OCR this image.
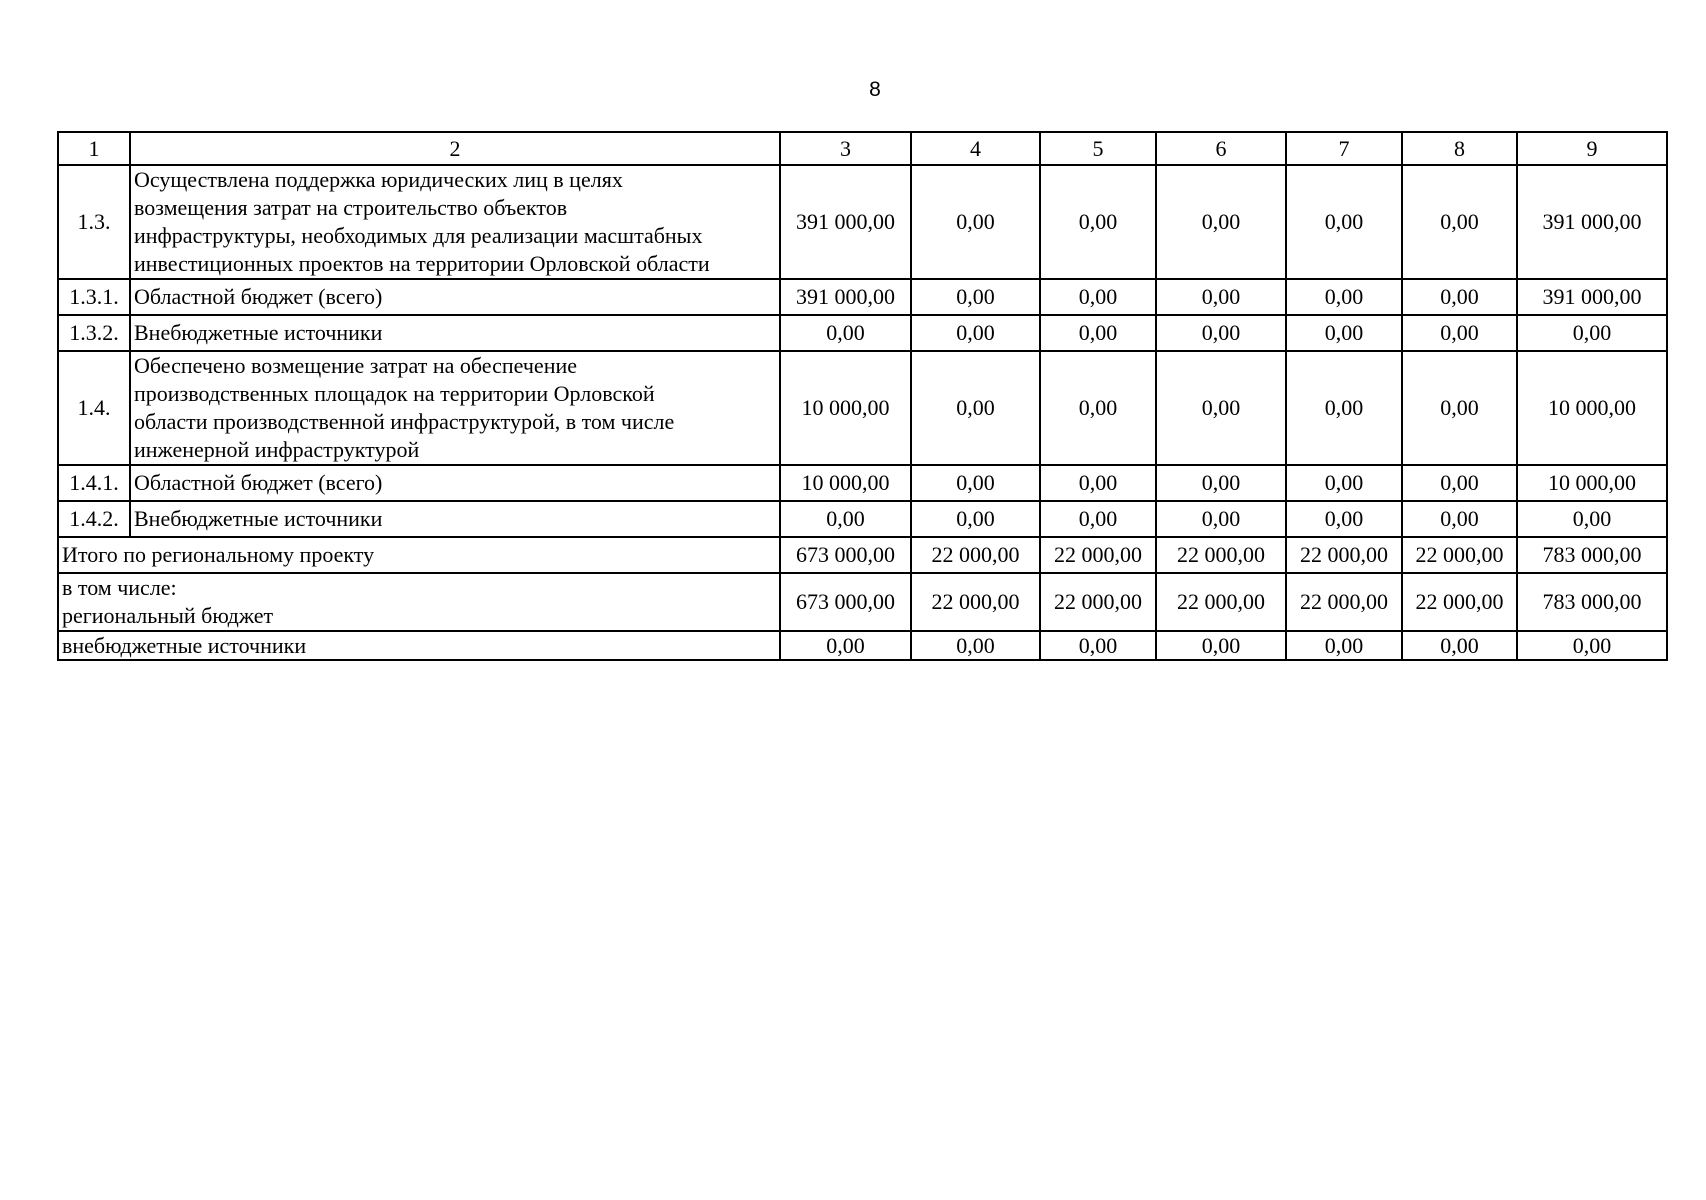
8
1	2	3	4	5	6	7	8	9
1.3.	Осуществлена поддержка юридических лиц в целях
возмещения затрат на строительство объектов
инфраструктуры, необходимых для реализации масштабных
инвестиционных проектов на территории Орловской области	391 000,00	0,00	0,00	0,00	0,00	0,00	391 000,00
1.3.1.	Областной бюджет (всего)	391 000,00	0,00	0,00	0,00	0,00	0,00	391 000,00
1.3.2.	Внебюджетные источники	0,00	0,00	0,00	0,00	0,00	0,00	0,00
1.4.	Обеспечено возмещение затрат на обеспечение
производственных площадок на территории Орловской
области производственной инфраструктурой, в том числе
инженерной инфраструктурой	10 000,00	0,00	0,00	0,00	0,00	0,00	10 000,00
1.4.1.	Областной бюджет (всего)	10 000,00	0,00	0,00	0,00	0,00	0,00	10 000,00
1.4.2.	Внебюджетные источники	0,00	0,00	0,00	0,00	0,00	0,00	0,00
Итого по региональному проекту		673 000,00	22 000,00	22 000,00	22 000,00	22 000,00	22 000,00	783 000,00

в том числе:
региональный бюджет		673 000,00	22 000,00	22 000,00	22 000,00	22 000,00	22 000,00	783 000,00
внебюджетные источники		0,00	0,00	0,00	0,00	0,00	0,00	0,00
